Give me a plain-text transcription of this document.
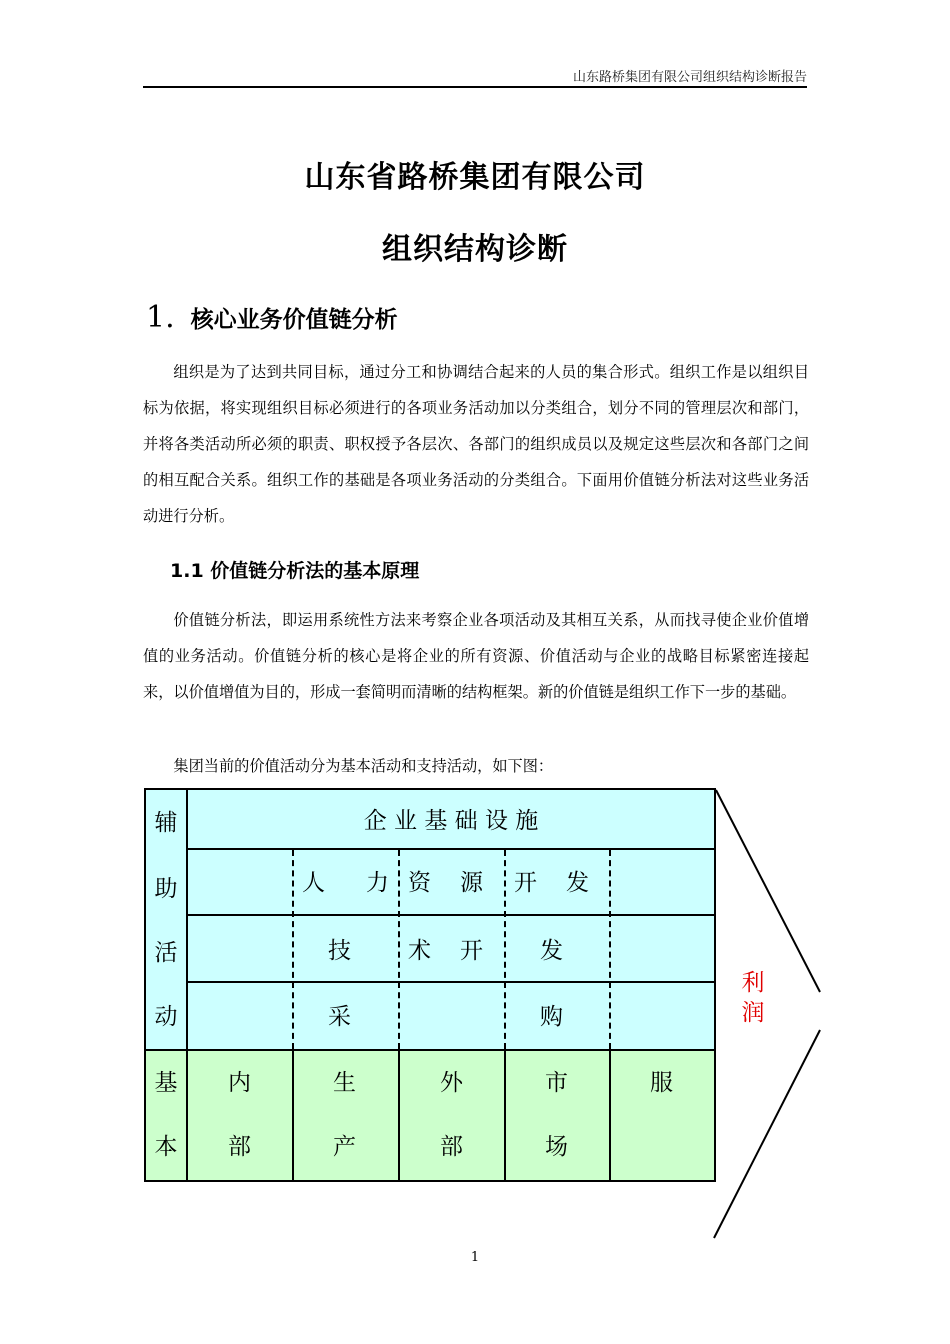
山东路桥集团有限公司组织结构诊断报告
山东省路桥集团有限公司
组织结构诊断
1. 核心业务价值链分析

组织是为了达到共同目标，通过分工和协调结合起来的人员的集合形式。组织工作是以组织目标为依据，将实现组织目标必须进行的各项业务活动加以分类组合，划分不同的管理层次和部门，并将各类活动所必须的职责、职权授予各层次、各部门的组织成员以及规定这些层次和各部门之间的相互配合关系。组织工作的基础是各项业务活动的分类组合。下面用价值链分析法对这些业务活动进行分析。

1.1 价值链分析法的基本原理

价值链分析法，即运用系统性方法来考察企业各项活动及其相互关系，从而找寻使企业价值增值的业务活动。价值链分析的核心是将企业的所有资源、价值活动与企业的战略目标紧密连接起来，以价值增值为目的，形成一套简明而清晰的结构框架。新的价值链是组织工作下一步的基础。

集团当前的价值活动分为基本活动和支持活动，如下图：

辅
助
活
动
基
本
企 业 基 础 设 施
人 力 资 源 开 发
技 术 开 发
采	购
内
部
生
产
外
部
市
场
服
利
润
1
